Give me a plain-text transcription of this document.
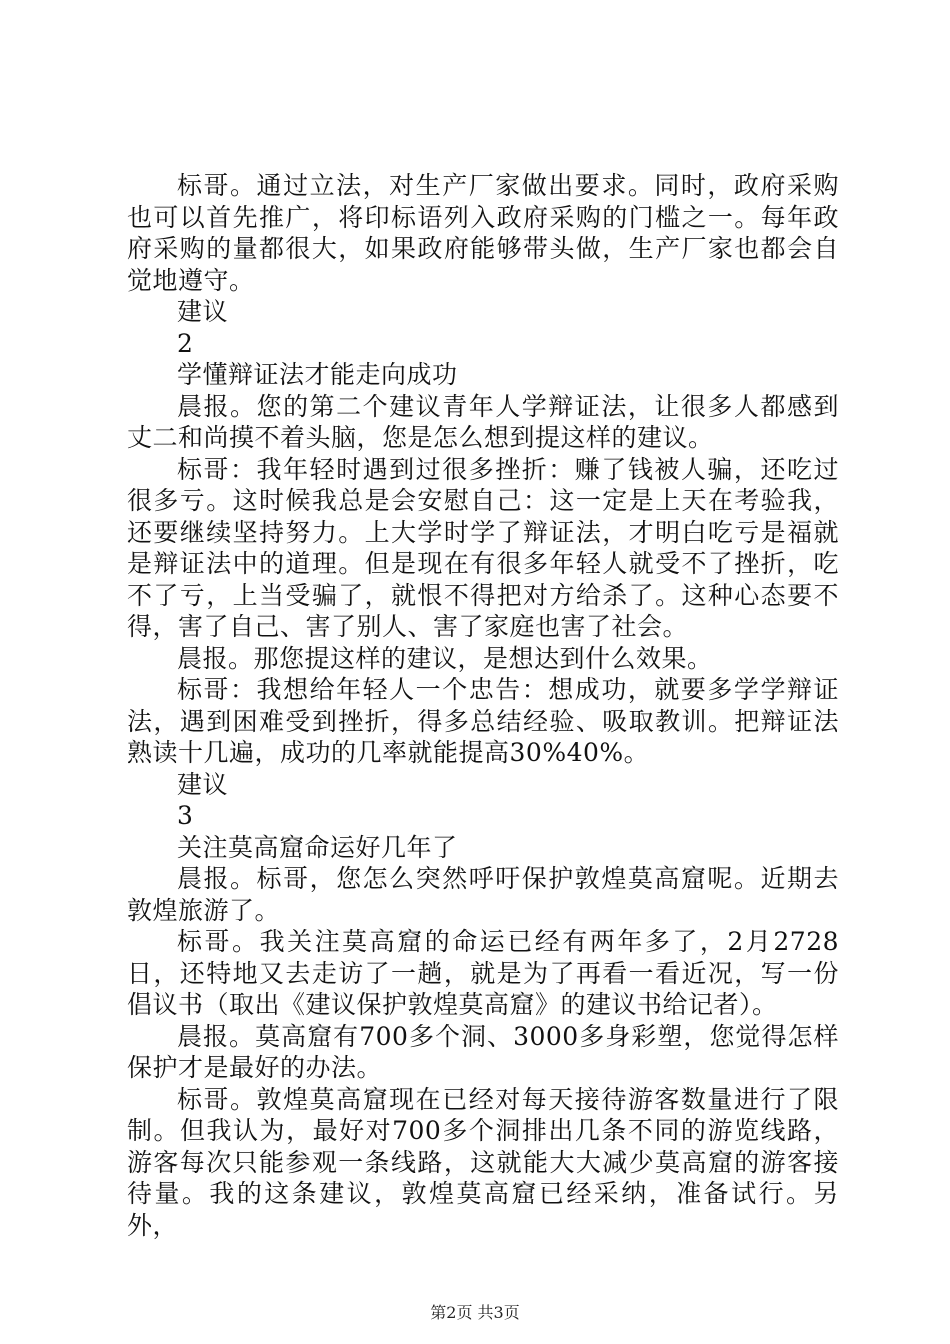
标哥。通过立法，对生产厂家做出要求。同时，政府采购也可以首先推广，将印标语列入政府采购的门槛之一。每年政府采购的量都很大，如果政府能够带头做，生产厂家也都会自觉地遵守。

建议

2

学懂辩证法才能走向成功

晨报。您的第二个建议青年人学辩证法，让很多人都感到丈二和尚摸不着头脑，您是怎么想到提这样的建议。

标哥：我年轻时遇到过很多挫折：赚了钱被人骗，还吃过很多亏。这时候我总是会安慰自己：这一定是上天在考验我，还要继续坚持努力。上大学时学了辩证法，才明白吃亏是福就是辩证法中的道理。但是现在有很多年轻人就受不了挫折，吃不了亏，上当受骗了，就恨不得把对方给杀了。这种心态要不得，害了自己、害了别人、害了家庭也害了社会。

晨报。那您提这样的建议，是想达到什么效果。

标哥：我想给年轻人一个忠告：想成功，就要多学学辩证法，遇到困难受到挫折，得多总结经验、吸取教训。把辩证法熟读十几遍，成功的几率就能提高30%40%。

建议

3

关注莫高窟命运好几年了

晨报。标哥，您怎么突然呼吁保护敦煌莫高窟呢。近期去敦煌旅游了。

标哥。我关注莫高窟的命运已经有两年多了，2月2728日，还特地又去走访了一趟，就是为了再看一看近况，写一份倡议书（取出《建议保护敦煌莫高窟》的建议书给记者）。

晨报。莫高窟有700多个洞、3000多身彩塑，您觉得怎样保护才是最好的办法。

标哥。敦煌莫高窟现在已经对每天接待游客数量进行了限制。但我认为，最好对700多个洞排出几条不同的游览线路，游客每次只能参观一条线路，这就能大大减少莫高窟的游客接待量。我的这条建议，敦煌莫高窟已经采纳，准备试行。另外，

第2页 共3页
